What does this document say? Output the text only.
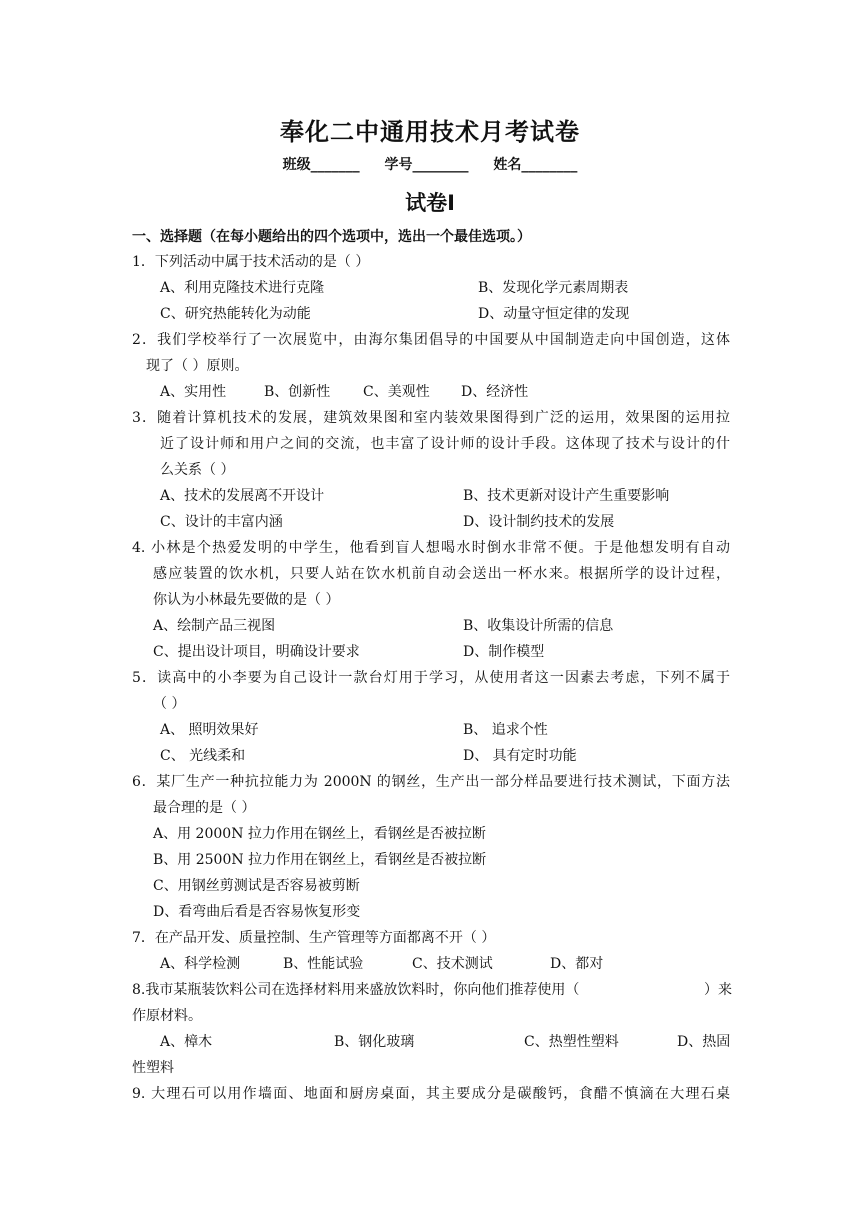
奉化二中通用技术月考试卷
班级_______ 学号________ 姓名________
试卷Ⅰ
一、选择题（在每小题给出的四个选项中，选出一个最佳选项。）
1．下列活动中属于技术活动的是（ ）
A、利用克隆技术进行克隆	B、发现化学元素周期表
C、研究热能转化为动能	D、动量守恒定律的发现
2．我们学校举行了一次展览中，由海尔集团倡导的中国要从中国制造走向中国创造，这体
现了（ ）原则。
A、实用性	B、创新性 C、美观性 D、经济性
3．随着计算机技术的发展，建筑效果图和室内装效果图得到广泛的运用，效果图的运用拉
近了设计师和用户之间的交流，也丰富了设计师的设计手段。这体现了技术与设计的什
么关系（ ）
A、技术的发展离不开设计	B、技术更新对设计产生重要影响
C、设计的丰富内涵	D、设计制约技术的发展
4. 小林是个热爱发明的中学生，他看到盲人想喝水时倒水非常不便。于是他想发明有自动
感应装置的饮水机，只要人站在饮水机前自动会送出一杯水来。根据所学的设计过程，
你认为小林最先要做的是（ ）
A、绘制产品三视图	B、收集设计所需的信息
C、提出设计项目，明确设计要求	D、制作模型
5．读高中的小李要为自己设计一款台灯用于学习，从使用者这一因素去考虑，下列不属于
（ ）
A、 照明效果好	B、 追求个性
C、 光线柔和	D、 具有定时功能
6．某厂生产一种抗拉能力为 2000N 的钢丝，生产出一部分样品要进行技术测试，下面方法
最合理的是（ ）
A、用 2000N 拉力作用在钢丝上，看钢丝是否被拉断
B、用 2500N 拉力作用在钢丝上，看钢丝是否被拉断
C、用钢丝剪测试是否容易被剪断
D、看弯曲后看是否容易恢复形变
7．在产品开发、质量控制、生产管理等方面都离不开（ ）
A、科学检测	B、性能试验	C、技术测试	D、都对
8.我市某瓶装饮料公司在选择材料用来盛放饮料时，你向他们推荐使用（	）来
作原材料。
A、樟木	B、钢化玻璃	C、热塑性塑料	D、热固
性塑料
9. 大理石可以用作墙面、地面和厨房桌面，其主要成分是碳酸钙，食醋不慎滴在大理石桌
